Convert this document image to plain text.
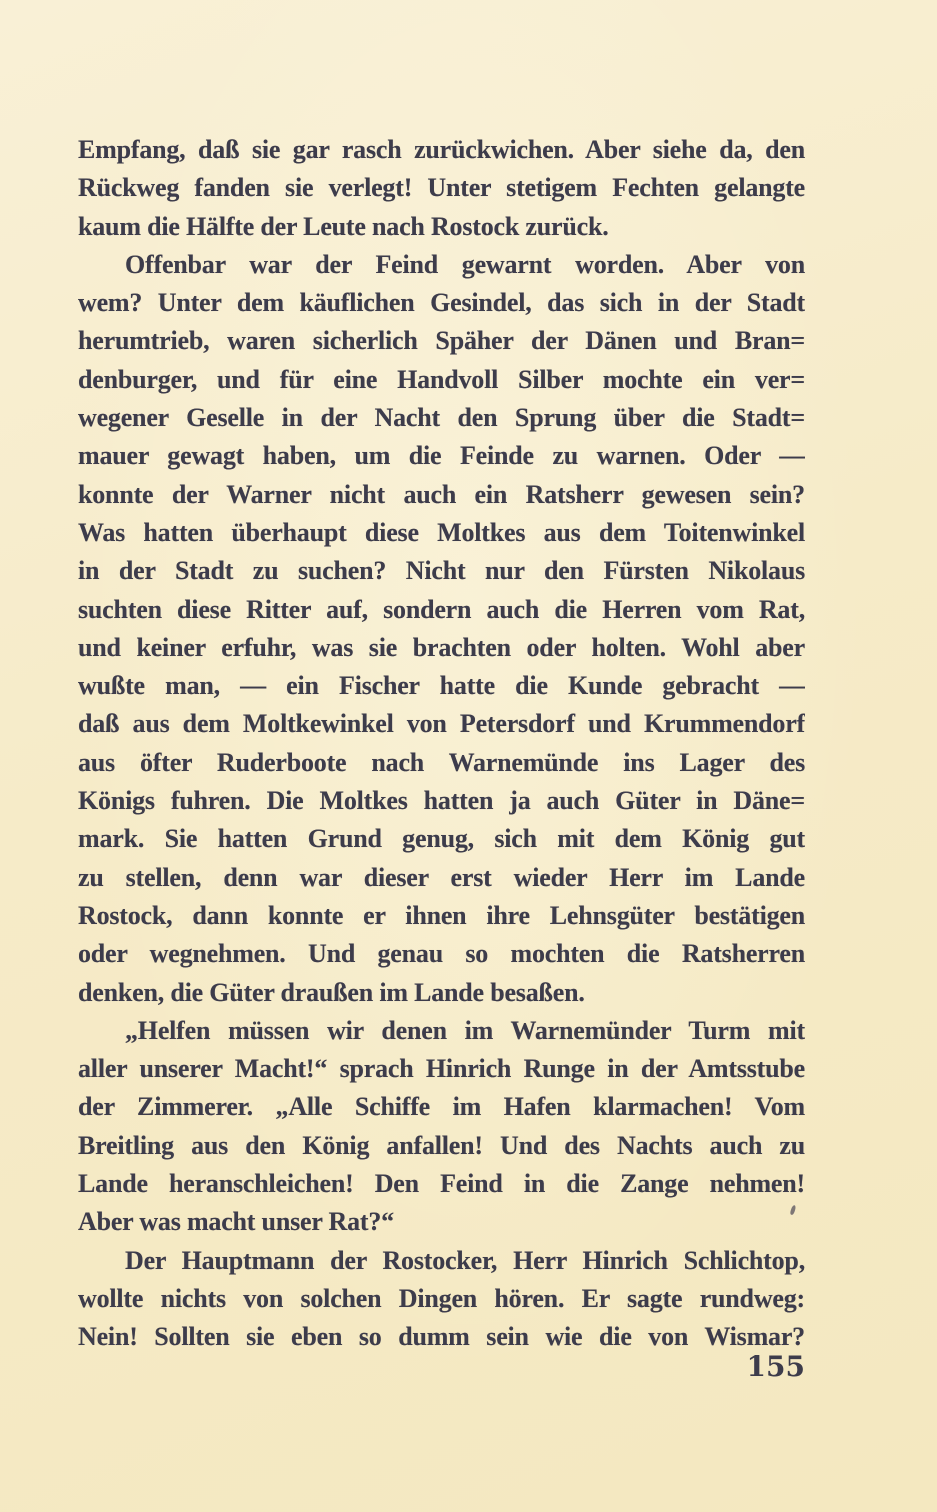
Empfang, daß sie gar rasch zurückwichen. Aber siehe da, den
Rückweg fanden sie verlegt! Unter stetigem Fechten gelangte
kaum die Hälfte der Leute nach Rostock zurück.
Offenbar war der Feind gewarnt worden. Aber von
wem? Unter dem käuflichen Gesindel, das sich in der Stadt
herumtrieb, waren sicherlich Späher der Dänen und Bran=
denburger, und für eine Handvoll Silber mochte ein ver=
wegener Geselle in der Nacht den Sprung über die Stadt=
mauer gewagt haben, um die Feinde zu warnen. Oder —
konnte der Warner nicht auch ein Ratsherr gewesen sein?
Was hatten überhaupt diese Moltkes aus dem Toitenwinkel
in der Stadt zu suchen? Nicht nur den Fürsten Nikolaus
suchten diese Ritter auf, sondern auch die Herren vom Rat,
und keiner erfuhr, was sie brachten oder holten. Wohl aber
wußte man, — ein Fischer hatte die Kunde gebracht —
daß aus dem Moltkewinkel von Petersdorf und Krummendorf
aus öfter Ruderboote nach Warnemünde ins Lager des
Königs fuhren. Die Moltkes hatten ja auch Güter in Däne=
mark. Sie hatten Grund genug, sich mit dem König gut
zu stellen, denn war dieser erst wieder Herr im Lande
Rostock, dann konnte er ihnen ihre Lehnsgüter bestätigen
oder wegnehmen. Und genau so mochten die Ratsherren
denken, die Güter draußen im Lande besaßen.
„Helfen müssen wir denen im Warnemünder Turm mit
aller unserer Macht!“ sprach Hinrich Runge in der Amtsstube
der Zimmerer. „Alle Schiffe im Hafen klarmachen! Vom
Breitling aus den König anfallen! Und des Nachts auch zu
Lande heranschleichen! Den Feind in die Zange nehmen!
Aber was macht unser Rat?“
Der Hauptmann der Rostocker, Herr Hinrich Schlichtop,
wollte nichts von solchen Dingen hören. Er sagte rundweg:
Nein! Sollten sie eben so dumm sein wie die von Wismar?
155
